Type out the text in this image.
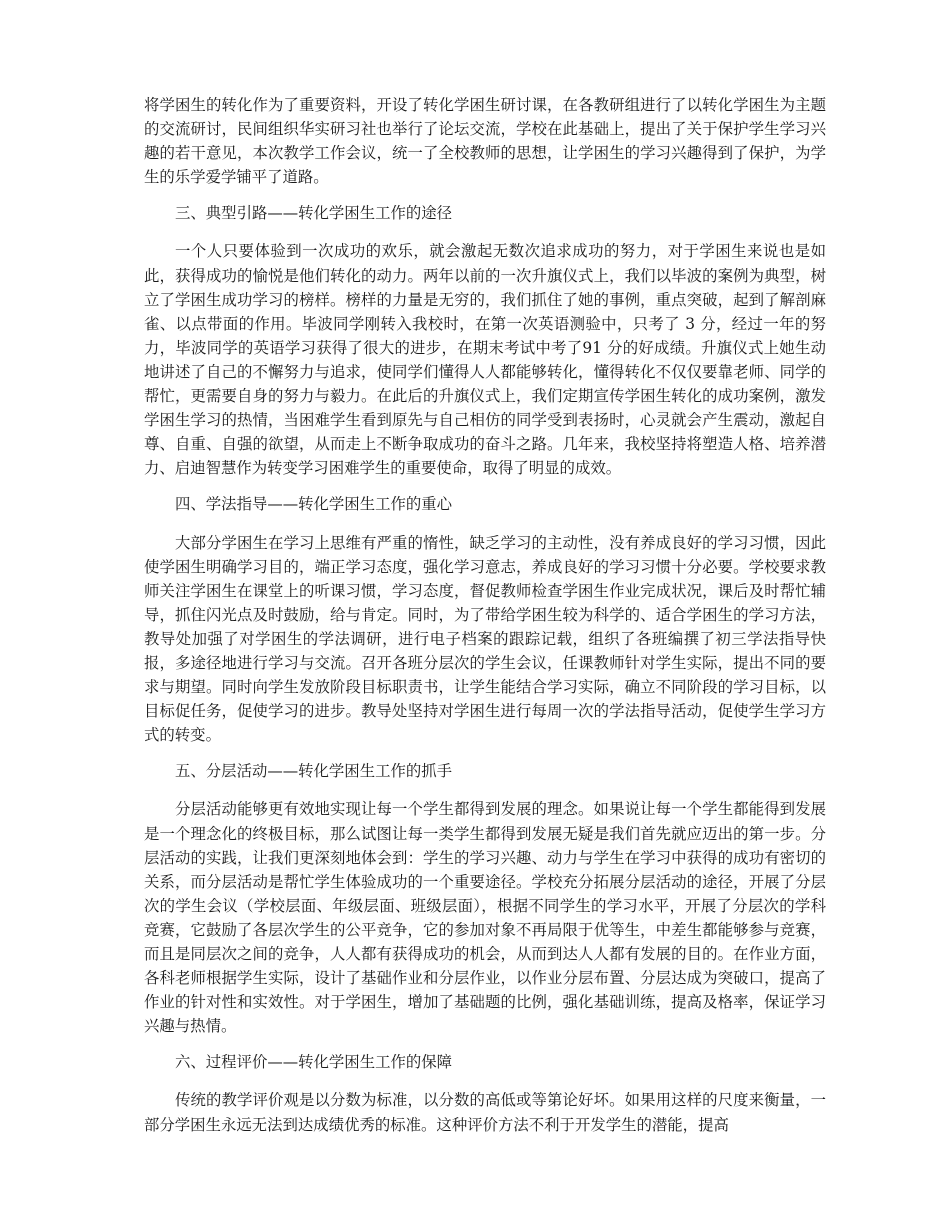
将学困生的转化作为了重要资料，开设了转化学困生研讨课，在各教研组进行了以转化学困生为主题的交流研讨，民间组织华实研习社也举行了论坛交流，学校在此基础上，提出了关于保护学生学习兴趣的若干意见，本次教学工作会议，统一了全校教师的思想，让学困生的学习兴趣得到了保护，为学生的乐学爱学铺平了道路。

三、典型引路——转化学困生工作的途径

一个人只要体验到一次成功的欢乐，就会激起无数次追求成功的努力，对于学困生来说也是如此，获得成功的愉悦是他们转化的动力。两年以前的一次升旗仪式上，我们以毕波的案例为典型，树立了学困生成功学习的榜样。榜样的力量是无穷的，我们抓住了她的事例，重点突破，起到了解剖麻雀、以点带面的作用。毕波同学刚转入我校时，在第一次英语测验中，只考了 3 分，经过一年的努力，毕波同学的英语学习获得了很大的进步，在期末考试中考了91 分的好成绩。升旗仪式上她生动地讲述了自己的不懈努力与追求，使同学们懂得人人都能够转化，懂得转化不仅仅要靠老师、同学的帮忙，更需要自身的努力与毅力。在此后的升旗仪式上，我们定期宣传学困生转化的成功案例，激发学困生学习的热情，当困难学生看到原先与自己相仿的同学受到表扬时，心灵就会产生震动，激起自尊、自重、自强的欲望，从而走上不断争取成功的奋斗之路。几年来，我校坚持将塑造人格、培养潜力、启迪智慧作为转变学习困难学生的重要使命，取得了明显的成效。

四、学法指导——转化学困生工作的重心

大部分学困生在学习上思维有严重的惰性，缺乏学习的主动性，没有养成良好的学习习惯，因此使学困生明确学习目的，端正学习态度，强化学习意志，养成良好的学习习惯十分必要。学校要求教师关注学困生在课堂上的听课习惯，学习态度，督促教师检查学困生作业完成状况，课后及时帮忙辅导，抓住闪光点及时鼓励，给与肯定。同时，为了带给学困生较为科学的、适合学困生的学习方法，教导处加强了对学困生的学法调研，进行电子档案的跟踪记载，组织了各班编撰了初三学法指导快报，多途径地进行学习与交流。召开各班分层次的学生会议，任课教师针对学生实际，提出不同的要求与期望。同时向学生发放阶段目标职责书，让学生能结合学习实际，确立不同阶段的学习目标，以目标促任务，促使学习的进步。教导处坚持对学困生进行每周一次的学法指导活动，促使学生学习方式的转变。

五、分层活动——转化学困生工作的抓手

分层活动能够更有效地实现让每一个学生都得到发展的理念。如果说让每一个学生都能得到发展是一个理念化的终极目标，那么试图让每一类学生都得到发展无疑是我们首先就应迈出的第一步。分层活动的实践，让我们更深刻地体会到：学生的学习兴趣、动力与学生在学习中获得的成功有密切的关系，而分层活动是帮忙学生体验成功的一个重要途径。学校充分拓展分层活动的途径，开展了分层次的学生会议（学校层面、年级层面、班级层面），根据不同学生的学习水平，开展了分层次的学科竞赛，它鼓励了各层次学生的公平竞争，它的参加对象不再局限于优等生，中差生都能够参与竞赛，而且是同层次之间的竞争，人人都有获得成功的机会，从而到达人人都有发展的目的。在作业方面，各科老师根据学生实际，设计了基础作业和分层作业，以作业分层布置、分层达成为突破口，提高了作业的针对性和实效性。对于学困生，增加了基础题的比例，强化基础训练，提高及格率，保证学习兴趣与热情。

六、过程评价——转化学困生工作的保障

传统的教学评价观是以分数为标准，以分数的高低或等第论好坏。如果用这样的尺度来衡量，一部分学困生永远无法到达成绩优秀的标准。这种评价方法不利于开发学生的潜能，提高
